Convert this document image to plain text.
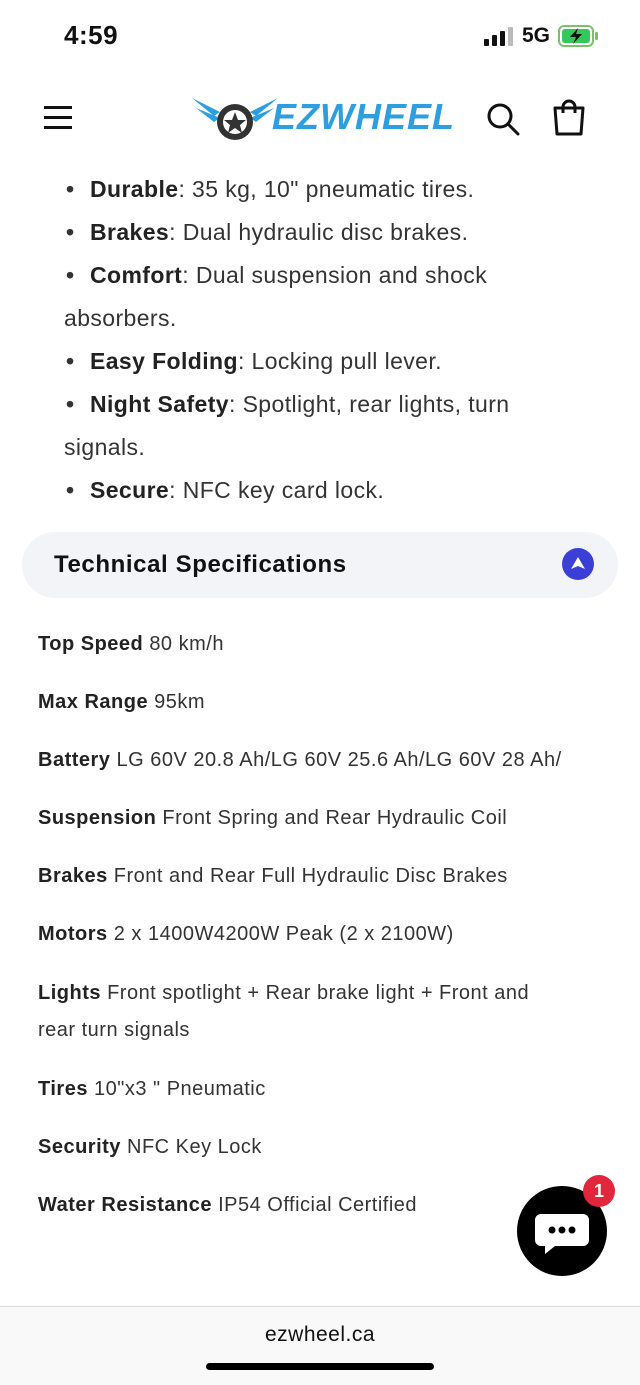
4:59	5G
EZWHEEL
• Durable: 35 kg, 10" pneumatic tires.
• Brakes: Dual hydraulic disc brakes.
• Comfort: Dual suspension and shock
absorbers.
• Easy Folding: Locking pull lever.
• Night Safety: Spotlight, rear lights, turn
signals.
• Secure: NFC key card lock.
Technical Specifications
Top Speed 80 km/h
Max Range 95km
Battery LG 60V 20.8 Ah/LG 60V 25.6 Ah/LG 60V 28 Ah/
Suspension Front Spring and Rear Hydraulic Coil
Brakes Front and Rear Full Hydraulic Disc Brakes
Motors 2 x 1400W4200W Peak (2 x 2100W)
Lights Front spotlight + Rear brake light + Front and
rear turn signals
Tires 10"x3 " Pneumatic
Security NFC Key Lock
Water Resistance IP54 Official Certified
1
ezwheel.ca
